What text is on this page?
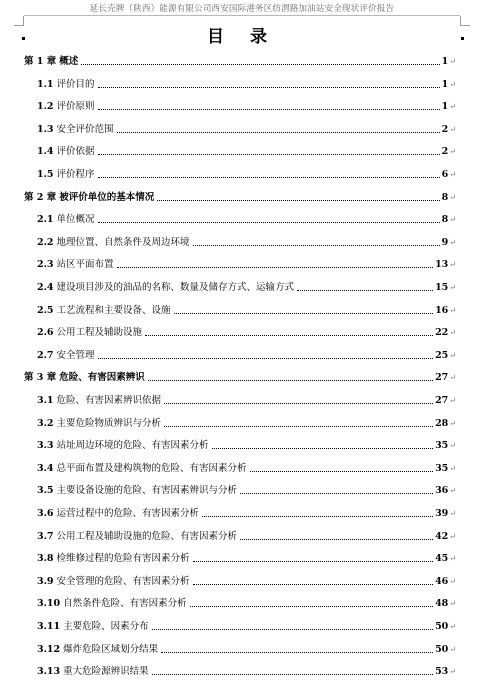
延长壳牌（陕西）能源有限公司西安国际港务区纺渭路加油站安全现状评价报告
目 录
第 1 章 概述	1 ↵
1.1 评价目的	1 ↵
1.2 评价原则	1 ↵
1.3 安全评价范围	2 ↵
1.4 评价依据	2 ↵
1.5 评价程序	6 ↵
第 2 章 被评价单位的基本情况	8 ↵
2.1 单位概况	8 ↵
2.2 地理位置、自然条件及周边环境	9 ↵
2.3 站区平面布置	13 ↵
2.4 建设项目涉及的油品的名称、数量及储存方式、运输方式	15 ↵
2.5 工艺流程和主要设备、设施	16 ↵
2.6 公用工程及辅助设施	22 ↵
2.7 安全管理	25 ↵
第 3 章 危险、有害因素辨识	27 ↵
3.1 危险、有害因素辨识依据	27 ↵
3.2 主要危险物质辨识与分析	28 ↵
3.3 站址周边环境的危险、有害因素分析	35 ↵
3.4 总平面布置及建构筑物的危险、有害因素分析	35 ↵
3.5 主要设备设施的危险、有害因素辨识与分析	36 ↵
3.6 运营过程中的危险、有害因素分析	39 ↵
3.7 公用工程及辅助设施的危险、有害因素分析	42 ↵
3.8 检维修过程的危险有害因素分析	45 ↵
3.9 安全管理的危险、有害因素分析	46 ↵
3.10 自然条件危险、有害因素分析	48 ↵
3.11 主要危险、因素分布	50 ↵
3.12 爆炸危险区域划分结果	50 ↵
3.13 重大危险源辨识结果	53 ↵
